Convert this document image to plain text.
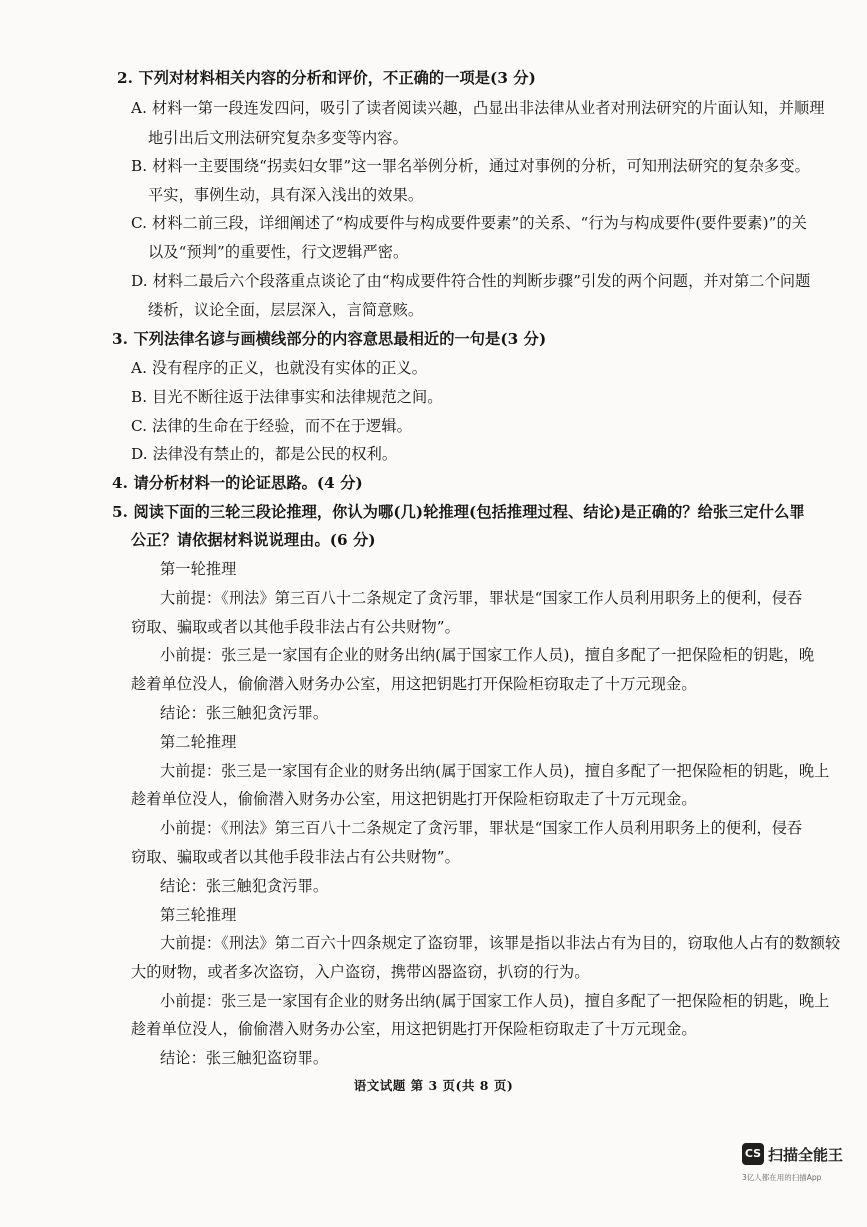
2. 下列对材料相关内容的分析和评价，不正确的一项是(3 分)
A. 材料一第一段连发四问，吸引了读者阅读兴趣，凸显出非法律从业者对刑法研究的片面认知，并顺理
地引出后文刑法研究复杂多变等内容。
B. 材料一主要围绕“拐卖妇女罪”这一罪名举例分析，通过对事例的分析，可知刑法研究的复杂多变。
平实，事例生动，具有深入浅出的效果。
C. 材料二前三段，详细阐述了“构成要件与构成要件要素”的关系、“行为与构成要件(要件要素)”的关
以及“预判”的重要性，行文逻辑严密。
D. 材料二最后六个段落重点谈论了由“构成要件符合性的判断步骤”引发的两个问题，并对第二个问题
缕析，议论全面，层层深入，言简意赅。
3. 下列法律名谚与画横线部分的内容意思最相近的一句是(3 分)
A. 没有程序的正义，也就没有实体的正义。
B. 目光不断往返于法律事实和法律规范之间。
C. 法律的生命在于经验，而不在于逻辑。
D. 法律没有禁止的，都是公民的权利。
4. 请分析材料一的论证思路。(4 分)
5. 阅读下面的三轮三段论推理，你认为哪(几)轮推理(包括推理过程、结论)是正确的？给张三定什么罪
公正？请依据材料说说理由。(6 分)
第一轮推理
大前提：《刑法》第三百八十二条规定了贪污罪，罪状是“国家工作人员利用职务上的便利，侵吞
窃取、骗取或者以其他手段非法占有公共财物”。
小前提：张三是一家国有企业的财务出纳(属于国家工作人员)，擅自多配了一把保险柜的钥匙，晚
趁着单位没人，偷偷潜入财务办公室，用这把钥匙打开保险柜窃取走了十万元现金。
结论：张三触犯贪污罪。
第二轮推理
大前提：张三是一家国有企业的财务出纳(属于国家工作人员)，擅自多配了一把保险柜的钥匙，晚上
趁着单位没人，偷偷潜入财务办公室，用这把钥匙打开保险柜窃取走了十万元现金。
小前提：《刑法》第三百八十二条规定了贪污罪，罪状是“国家工作人员利用职务上的便利，侵吞
窃取、骗取或者以其他手段非法占有公共财物”。
结论：张三触犯贪污罪。
第三轮推理
大前提：《刑法》第二百六十四条规定了盗窃罪，该罪是指以非法占有为目的，窃取他人占有的数额较
大的财物，或者多次盗窃，入户盗窃，携带凶器盗窃，扒窃的行为。
小前提：张三是一家国有企业的财务出纳(属于国家工作人员)，擅自多配了一把保险柜的钥匙，晚上
趁着单位没人，偷偷潜入财务办公室，用这把钥匙打开保险柜窃取走了十万元现金。
结论：张三触犯盗窃罪。
语文试题 第 3 页(共 8 页)
CS 扫描全能王
3亿人都在用的扫描App
